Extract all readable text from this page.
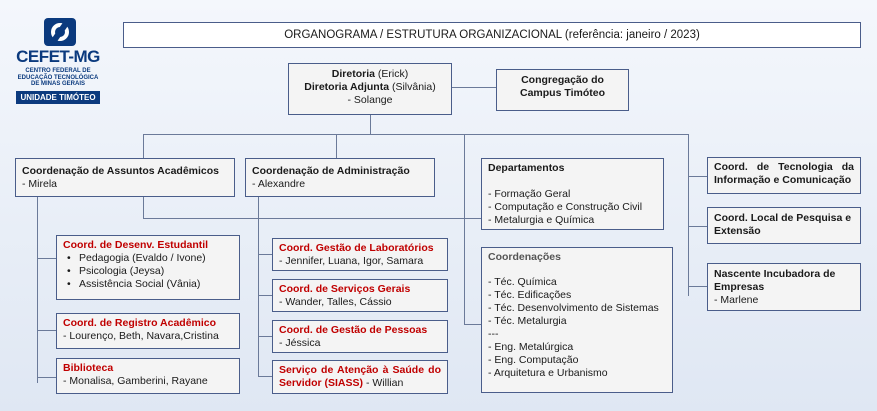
CEFET-MG
CENTRO FEDERAL DE
EDUCAÇÃO TECNOLÓGICA
DE MINAS GERAIS
UNIDADE TIMÓTEO
ORGANOGRAMA / ESTRUTURA ORGANIZACIONAL (referência: janeiro / 2023)
Diretoria (Erick)
Diretoria Adjunta (Silvânia)
- Solange
Congregação do Campus Timóteo
Coordenação de Assuntos Acadêmicos
- Mirela
Coordenação de Administração
- Alexandre
Departamentos
- Formação Geral
- Computação e Construção Civil
- Metalurgia e Química
Coordenações
- Téc. Química
- Téc. Edificações
- Téc. Desenvolvimento de Sistemas
- Téc. Metalurgia
---
- Eng. Metalúrgica
- Eng. Computação
- Arquitetura e Urbanismo
Coord. de Tecnologia da Informação e Comunicação
Coord. Local de Pesquisa e Extensão
Nascente Incubadora de Empresas
- Marlene
Coord. de Desenv. Estudantil
• Pedagogia (Evaldo / Ivone)
• Psicologia (Jeysa)
• Assistência Social (Vânia)
Coord. de Registro Acadêmico
- Lourenço, Beth, Navara,Cristina
Biblioteca
- Monalisa, Gamberini, Rayane
Coord. Gestão de Laboratórios
- Jennifer, Luana, Igor, Samara
Coord. de Serviços Gerais
- Wander, Talles, Cássio
Coord. de Gestão de Pessoas
- Jéssica
Serviço de Atenção à Saúde do Servidor (SIASS) - Willian
